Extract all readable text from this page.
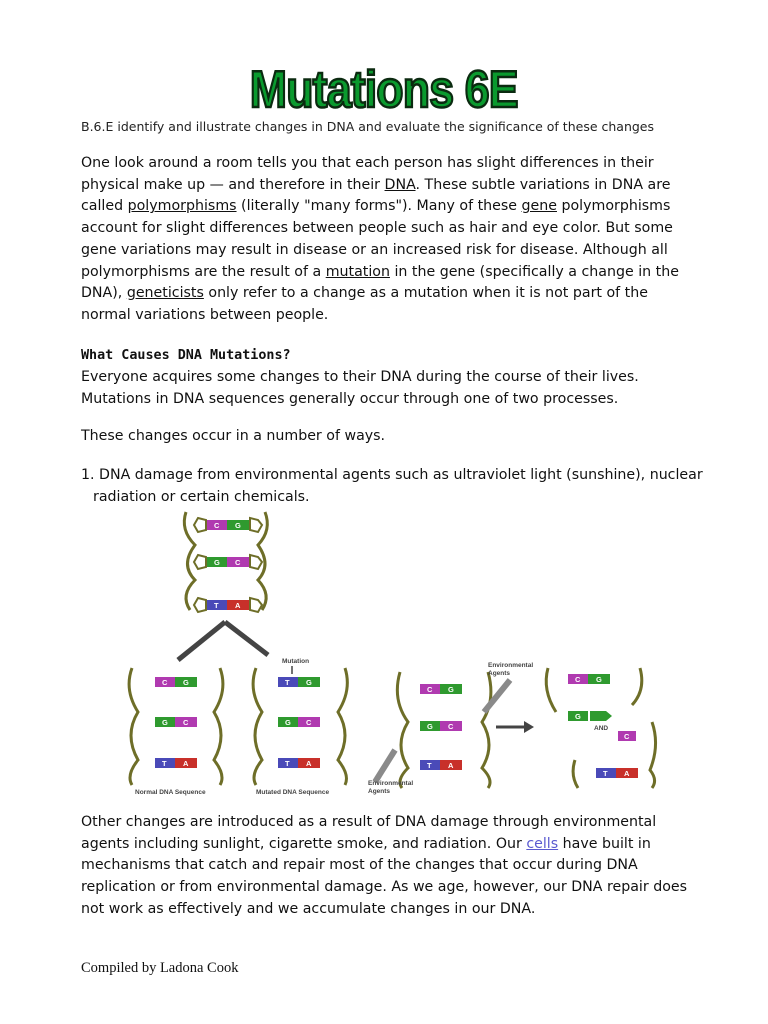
Mutations 6E
B.6.E identify and illustrate changes in DNA and evaluate the significance of these changes
One look around a room tells you that each person has slight differences in their physical make up — and therefore in their DNA. These subtle variations in DNA are called polymorphisms (literally "many forms"). Many of these gene polymorphisms account for slight differences between people such as hair and eye color. But some gene variations may result in disease or an increased risk for disease. Although all polymorphisms are the result of a mutation in the gene (specifically a change in the DNA), geneticists only refer to a change as a mutation when it is not part of the normal variations between people.
What Causes DNA Mutations?
Everyone acquires some changes to their DNA during the course of their lives. Mutations in DNA sequences generally occur through one of two processes.
These changes occur in a number of ways.
1. DNA damage from environmental agents such as ultraviolet light (sunshine), nuclear radiation or certain chemicals.
C G
G C
T A
C G
G C
T A
Normal DNA Sequence
Mutation
T G
G C
T A
Mutated DNA Sequence
C G
G C
T A
Environmental
Agents
Environmental
Agents
C G
G
AND
C
T A
Other changes are introduced as a result of DNA damage through environmental agents including sunlight, cigarette smoke, and radiation. Our cells have built in mechanisms that catch and repair most of the changes that occur during DNA replication or from environmental damage. As we age, however, our DNA repair does not work as effectively and we accumulate changes in our DNA.
Compiled by Ladona Cook
